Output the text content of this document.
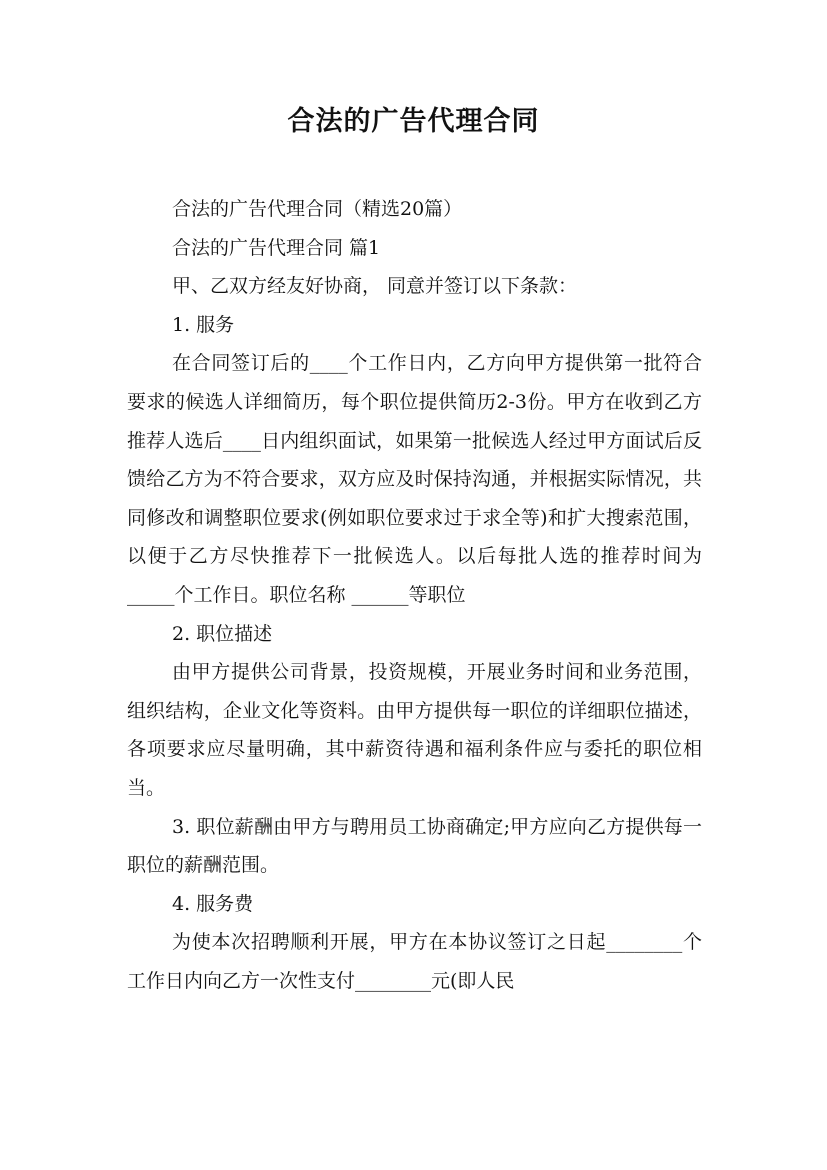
合法的广告代理合同

合法的广告代理合同（精选20篇）

合法的广告代理合同 篇1

甲、乙双方经友好协商， 同意并签订以下条款：

1. 服务

在合同签订后的____个工作日内，乙方向甲方提供第一批符合要求的候选人详细简历，每个职位提供简历2-3份。甲方在收到乙方推荐人选后____日内组织面试，如果第一批候选人经过甲方面试后反馈给乙方为不符合要求，双方应及时保持沟通，并根据实际情况，共同修改和调整职位要求(例如职位要求过于求全等)和扩大搜索范围，以便于乙方尽快推荐下一批候选人。以后每批人选的推荐时间为_____个工作日。职位名称 ______等职位

2. 职位描述

由甲方提供公司背景，投资规模，开展业务时间和业务范围，组织结构，企业文化等资料。由甲方提供每一职位的详细职位描述，各项要求应尽量明确，其中薪资待遇和福利条件应与委托的职位相当。

3. 职位薪酬由甲方与聘用员工协商确定;甲方应向乙方提供每一职位的薪酬范围。

4. 服务费

为使本次招聘顺利开展，甲方在本协议签订之日起________个工作日内向乙方一次性支付________元(即人民
